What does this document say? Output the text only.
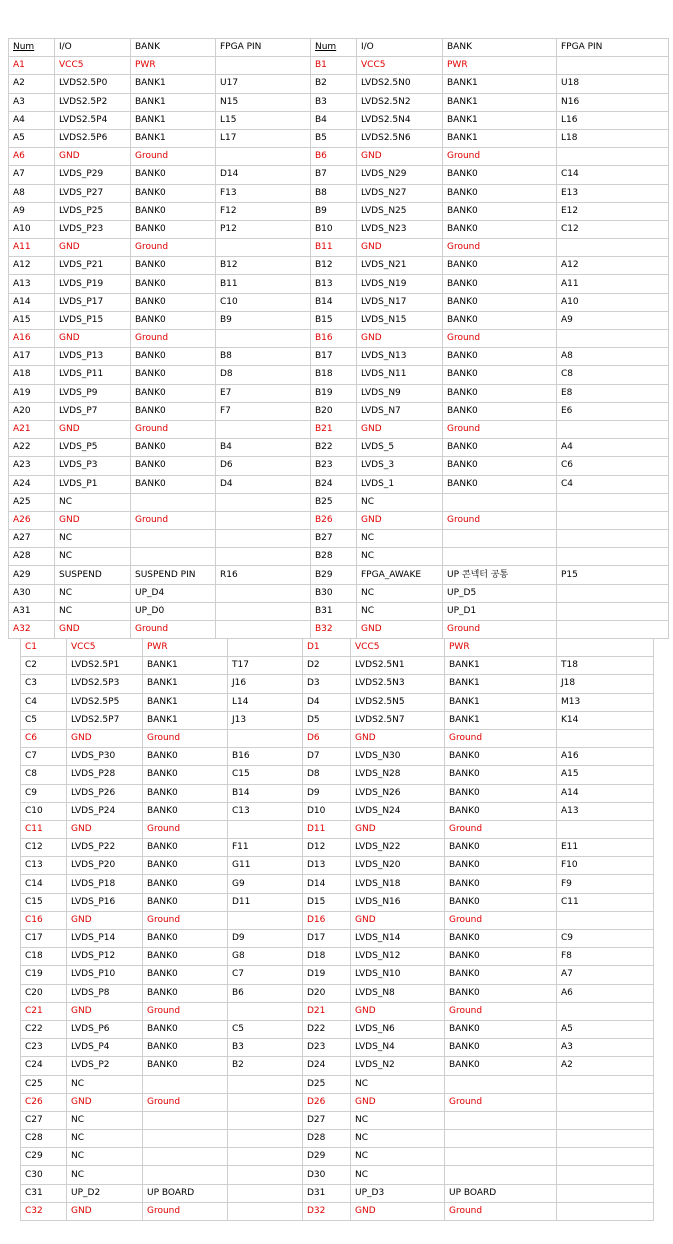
Num	I/O	BANK	FPGA PIN	Num	I/O	BANK	FPGA PIN
A1	VCC5	PWR		B1	VCC5	PWR	
A2	LVDS2.5P0	BANK1	U17	B2	LVDS2.5N0	BANK1	U18
A3	LVDS2.5P2	BANK1	N15	B3	LVDS2.5N2	BANK1	N16
A4	LVDS2.5P4	BANK1	L15	B4	LVDS2.5N4	BANK1	L16
A5	LVDS2.5P6	BANK1	L17	B5	LVDS2.5N6	BANK1	L18
A6	GND	Ground		B6	GND	Ground	
A7	LVDS_P29	BANK0	D14	B7	LVDS_N29	BANK0	C14
A8	LVDS_P27	BANK0	F13	B8	LVDS_N27	BANK0	E13
A9	LVDS_P25	BANK0	F12	B9	LVDS_N25	BANK0	E12
A10	LVDS_P23	BANK0	P12	B10	LVDS_N23	BANK0	C12
A11	GND	Ground		B11	GND	Ground	
A12	LVDS_P21	BANK0	B12	B12	LVDS_N21	BANK0	A12
A13	LVDS_P19	BANK0	B11	B13	LVDS_N19	BANK0	A11
A14	LVDS_P17	BANK0	C10	B14	LVDS_N17	BANK0	A10
A15	LVDS_P15	BANK0	B9	B15	LVDS_N15	BANK0	A9
A16	GND	Ground		B16	GND	Ground	
A17	LVDS_P13	BANK0	B8	B17	LVDS_N13	BANK0	A8
A18	LVDS_P11	BANK0	D8	B18	LVDS_N11	BANK0	C8
A19	LVDS_P9	BANK0	E7	B19	LVDS_N9	BANK0	E8
A20	LVDS_P7	BANK0	F7	B20	LVDS_N7	BANK0	E6
A21	GND	Ground		B21	GND	Ground	
A22	LVDS_P5	BANK0	B4	B22	LVDS_5	BANK0	A4
A23	LVDS_P3	BANK0	D6	B23	LVDS_3	BANK0	C6
A24	LVDS_P1	BANK0	D4	B24	LVDS_1	BANK0	C4
A25	NC			B25	NC		
A26	GND	Ground		B26	GND	Ground	
A27	NC			B27	NC		
A28	NC			B28	NC		
A29	SUSPEND	SUSPEND PIN	R16	B29	FPGA_AWAKE	UP 콘넥터 공통	P15
A30	NC	UP_D4		B30	NC	UP_D5	
A31	NC	UP_D0		B31	NC	UP_D1	
A32	GND	Ground		B32	GND	Ground	
C1	VCC5	PWR		D1	VCC5	PWR	
C2	LVDS2.5P1	BANK1	T17	D2	LVDS2.5N1	BANK1	T18
C3	LVDS2.5P3	BANK1	J16	D3	LVDS2.5N3	BANK1	J18
C4	LVDS2.5P5	BANK1	L14	D4	LVDS2.5N5	BANK1	M13
C5	LVDS2.5P7	BANK1	J13	D5	LVDS2.5N7	BANK1	K14
C6	GND	Ground		D6	GND	Ground	
C7	LVDS_P30	BANK0	B16	D7	LVDS_N30	BANK0	A16
C8	LVDS_P28	BANK0	C15	D8	LVDS_N28	BANK0	A15
C9	LVDS_P26	BANK0	B14	D9	LVDS_N26	BANK0	A14
C10	LVDS_P24	BANK0	C13	D10	LVDS_N24	BANK0	A13
C11	GND	Ground		D11	GND	Ground	
C12	LVDS_P22	BANK0	F11	D12	LVDS_N22	BANK0	E11
C13	LVDS_P20	BANK0	G11	D13	LVDS_N20	BANK0	F10
C14	LVDS_P18	BANK0	G9	D14	LVDS_N18	BANK0	F9
C15	LVDS_P16	BANK0	D11	D15	LVDS_N16	BANK0	C11
C16	GND	Ground		D16	GND	Ground	
C17	LVDS_P14	BANK0	D9	D17	LVDS_N14	BANK0	C9
C18	LVDS_P12	BANK0	G8	D18	LVDS_N12	BANK0	F8
C19	LVDS_P10	BANK0	C7	D19	LVDS_N10	BANK0	A7
C20	LVDS_P8	BANK0	B6	D20	LVDS_N8	BANK0	A6
C21	GND	Ground		D21	GND	Ground	
C22	LVDS_P6	BANK0	C5	D22	LVDS_N6	BANK0	A5
C23	LVDS_P4	BANK0	B3	D23	LVDS_N4	BANK0	A3
C24	LVDS_P2	BANK0	B2	D24	LVDS_N2	BANK0	A2
C25	NC			D25	NC		
C26	GND	Ground		D26	GND	Ground	
C27	NC			D27	NC		
C28	NC			D28	NC		
C29	NC			D29	NC		
C30	NC			D30	NC		
C31	UP_D2	UP BOARD		D31	UP_D3	UP BOARD	
C32	GND	Ground		D32	GND	Ground	
